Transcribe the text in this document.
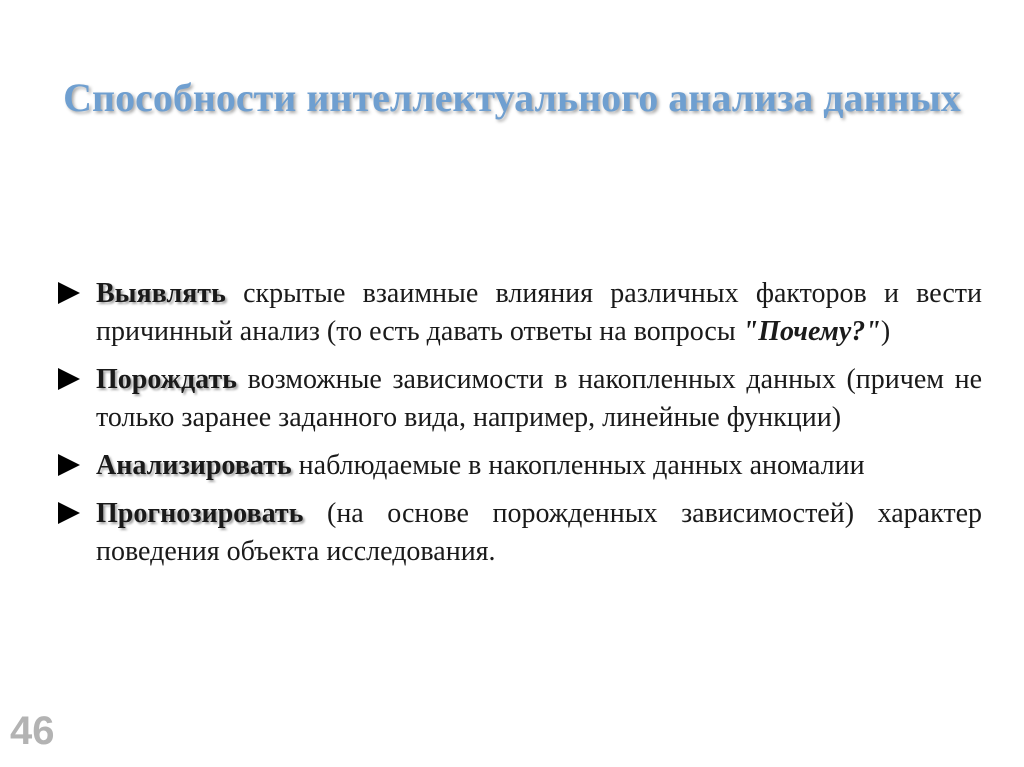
Способности интеллектуального анализа данных
Выявлять скрытые взаимные влияния различных факторов и вести причинный анализ (то есть давать ответы на вопросы "Почему?")
Порождать возможные зависимости в накопленных данных (причем не только заранее заданного вида, например, линейные функции)
Анализировать наблюдаемые в накопленных данных аномалии
Прогнозировать (на основе порожденных зависимостей) характер поведения объекта исследования.
46
